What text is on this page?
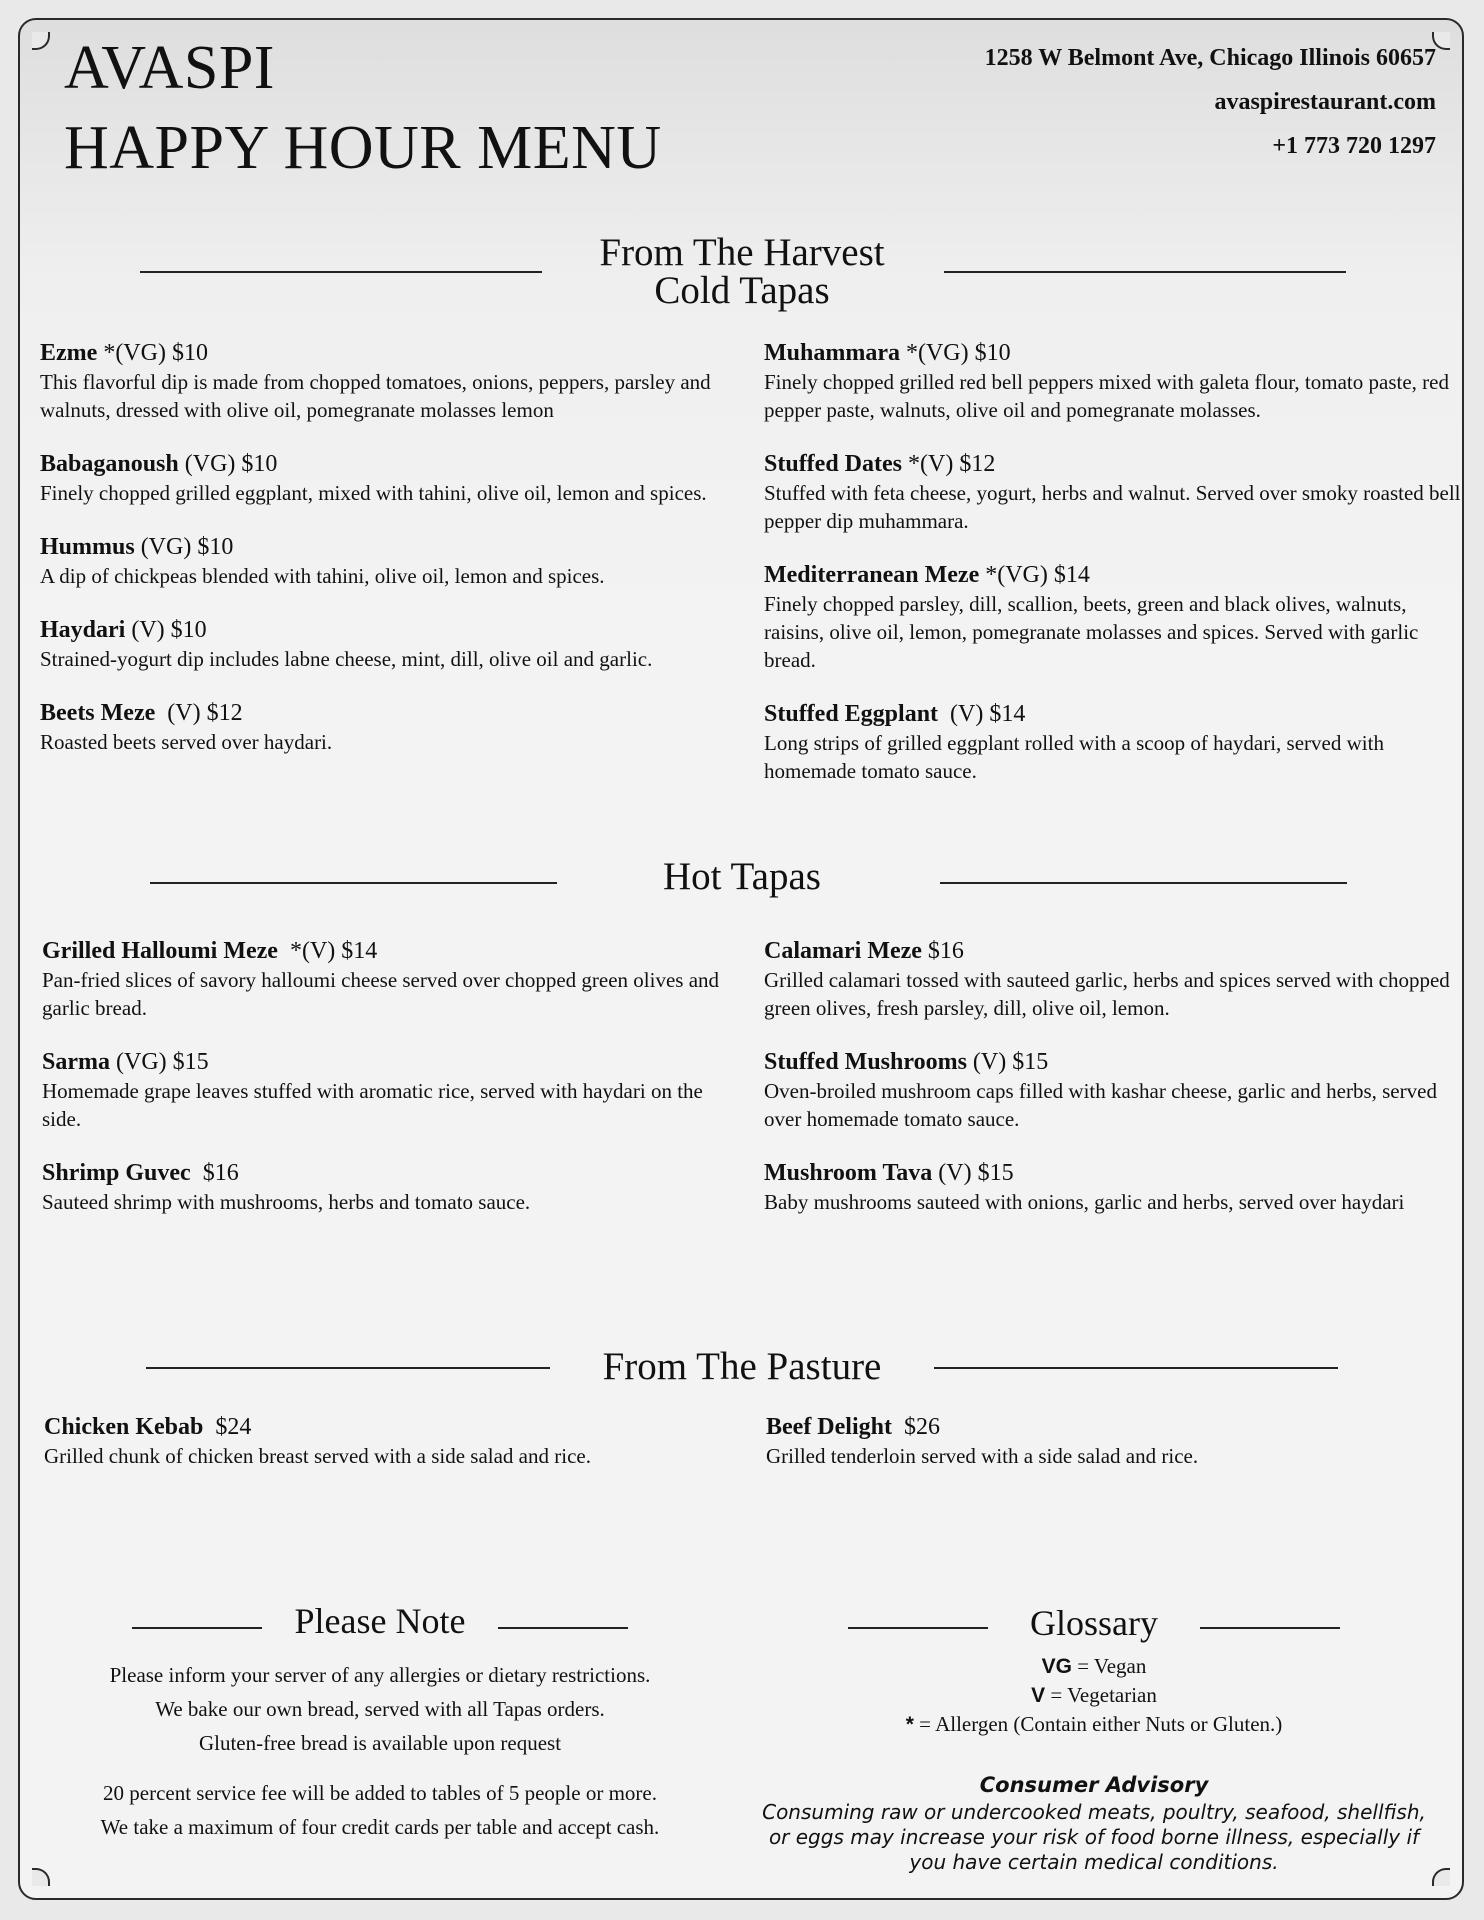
AVASPI
HAPPY HOUR MENU
1258 W Belmont Ave, Chicago Illinois 60657
avaspirestaurant.com
+1 773 720 1297
From The Harvest
Cold Tapas
Ezme *(VG) $10
This flavorful dip is made from chopped tomatoes, onions, peppers, parsley and walnuts, dressed with olive oil, pomegranate molasses lemon
Babaganoush (VG) $10
Finely chopped grilled eggplant, mixed with tahini, olive oil, lemon and spices.
Hummus (VG) $10
A dip of chickpeas blended with tahini, olive oil, lemon and spices.
Haydari (V) $10
Strained-yogurt dip includes labne cheese, mint, dill, olive oil and garlic.
Beets Meze  (V) $12
Roasted beets served over haydari.
Muhammara *(VG) $10
Finely chopped grilled red bell peppers mixed with galeta flour, tomato paste, red pepper paste, walnuts, olive oil and pomegranate molasses.
Stuffed Dates *(V) $12
Stuffed with feta cheese, yogurt, herbs and walnut. Served over smoky roasted bell pepper dip muhammara.
Mediterranean Meze *(VG) $14
Finely chopped parsley, dill, scallion, beets, green and black olives, walnuts, raisins, olive oil, lemon, pomegranate molasses and spices. Served with garlic bread.
Stuffed Eggplant  (V) $14
Long strips of grilled eggplant rolled with a scoop of haydari, served with homemade tomato sauce.
Hot Tapas
Grilled Halloumi Meze  *(V) $14
Pan-fried slices of savory halloumi cheese served over chopped green olives and garlic bread.
Sarma (VG) $15
Homemade grape leaves stuffed with aromatic rice, served with haydari on the side.
Shrimp Guvec  $16
Sauteed shrimp with mushrooms, herbs and tomato sauce.
Calamari Meze $16
Grilled calamari tossed with sauteed garlic, herbs and spices served with chopped green olives, fresh parsley, dill, olive oil, lemon.
Stuffed Mushrooms (V) $15
Oven-broiled mushroom caps filled with kashar cheese, garlic and herbs, served over homemade tomato sauce.
Mushroom Tava (V) $15
Baby mushrooms sauteed with onions, garlic and herbs, served over haydari
From The Pasture
Chicken Kebab  $24
Grilled chunk of chicken breast served with a side salad and rice.
Beef Delight  $26
Grilled tenderloin served with a side salad and rice.
Please Note
Please inform your server of any allergies or dietary restrictions.
We bake our own bread, served with all Tapas orders.
Gluten-free bread is available upon request
20 percent service fee will be added to tables of 5 people or more.
We take a maximum of four credit cards per table and accept cash.
Glossary
VG = Vegan
V = Vegetarian
* = Allergen (Contain either Nuts or Gluten.)
Consumer Advisory
Consuming raw or undercooked meats, poultry, seafood, shellfish, or eggs may increase your risk of food borne illness, especially if you have certain medical conditions.
